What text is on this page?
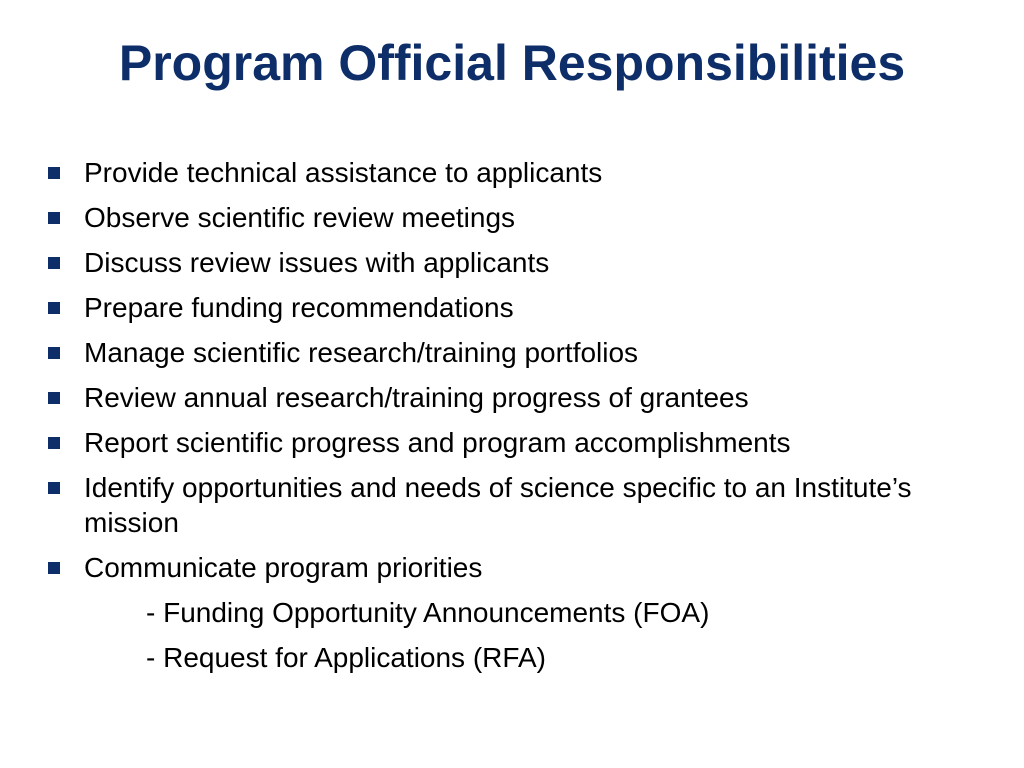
Program Official Responsibilities
Provide technical assistance to applicants
Observe scientific review meetings
Discuss review issues with applicants
Prepare funding recommendations
Manage scientific research/training portfolios
Review annual research/training progress of grantees
Report scientific progress and program accomplishments
Identify opportunities and needs of science specific to an Institute’s mission
Communicate program priorities
- Funding Opportunity Announcements (FOA)
- Request for Applications (RFA)
